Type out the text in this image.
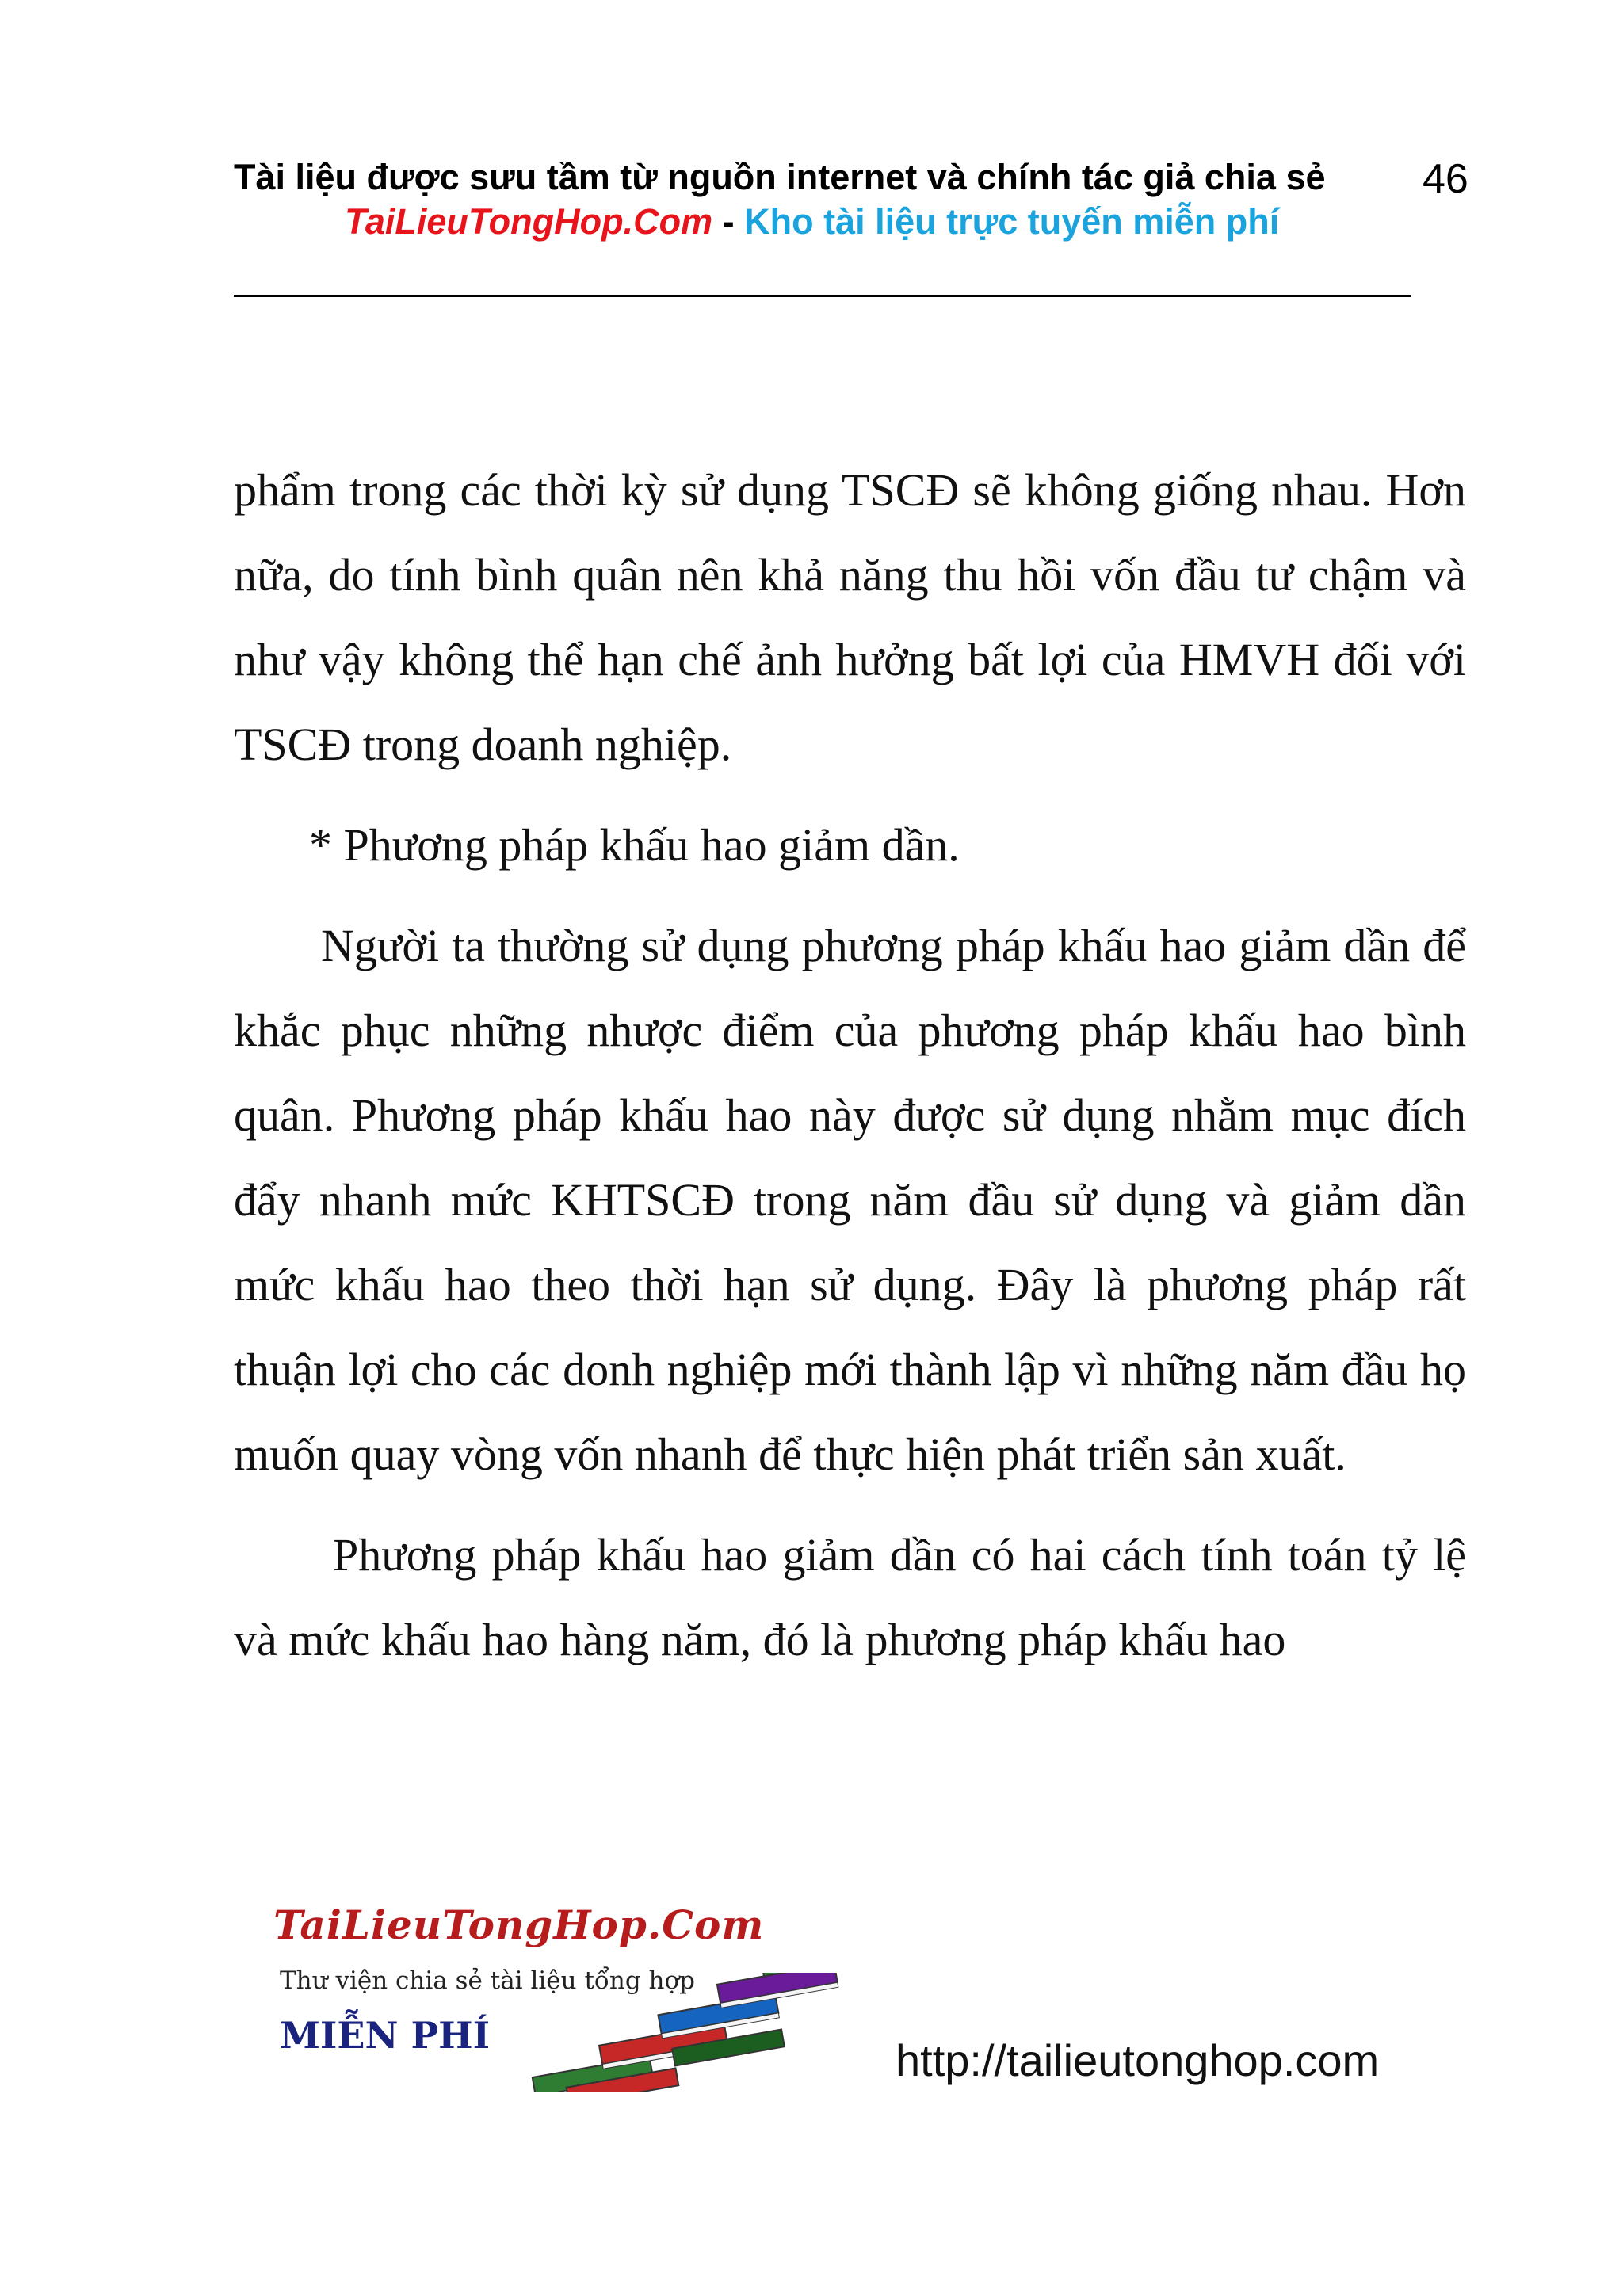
Tài liệu được sưu tầm từ nguồn internet và chính tác giả chia sẻ 46
TaiLieuTongHop.Com - Kho tài liệu trực tuyến miễn phí

phẩm trong các thời kỳ sử dụng TSCĐ sẽ không giống nhau. Hơn nữa, do tính bình quân nên khả năng thu hồi vốn đầu tư chậm và như vậy không thể hạn chế ảnh hưởng bất lợi của HMVH đối với TSCĐ trong doanh nghiệp.

* Phương pháp khấu hao giảm dần.

Người ta thường sử dụng phương pháp khấu hao giảm dần để khắc phục những nhược điểm của phương pháp khấu hao bình quân. Phương pháp khấu hao này được sử dụng nhằm mục đích đẩy nhanh mức KHTSCĐ trong năm đầu sử dụng và giảm dần mức khấu hao theo thời hạn sử dụng. Đây là phương pháp rất thuận lợi cho các donh nghiệp mới thành lập vì những năm đầu họ muốn quay vòng vốn nhanh để thực hiện phát triển sản xuất.

Phương pháp khấu hao giảm dần có hai cách tính toán tỷ lệ và mức khấu hao hàng năm, đó là phương pháp khấu hao

TaiLieuTongHop.Com
Thư viện chia sẻ tài liệu tổng hợp
MIỄN PHÍ	http://tailieutonghop.com
